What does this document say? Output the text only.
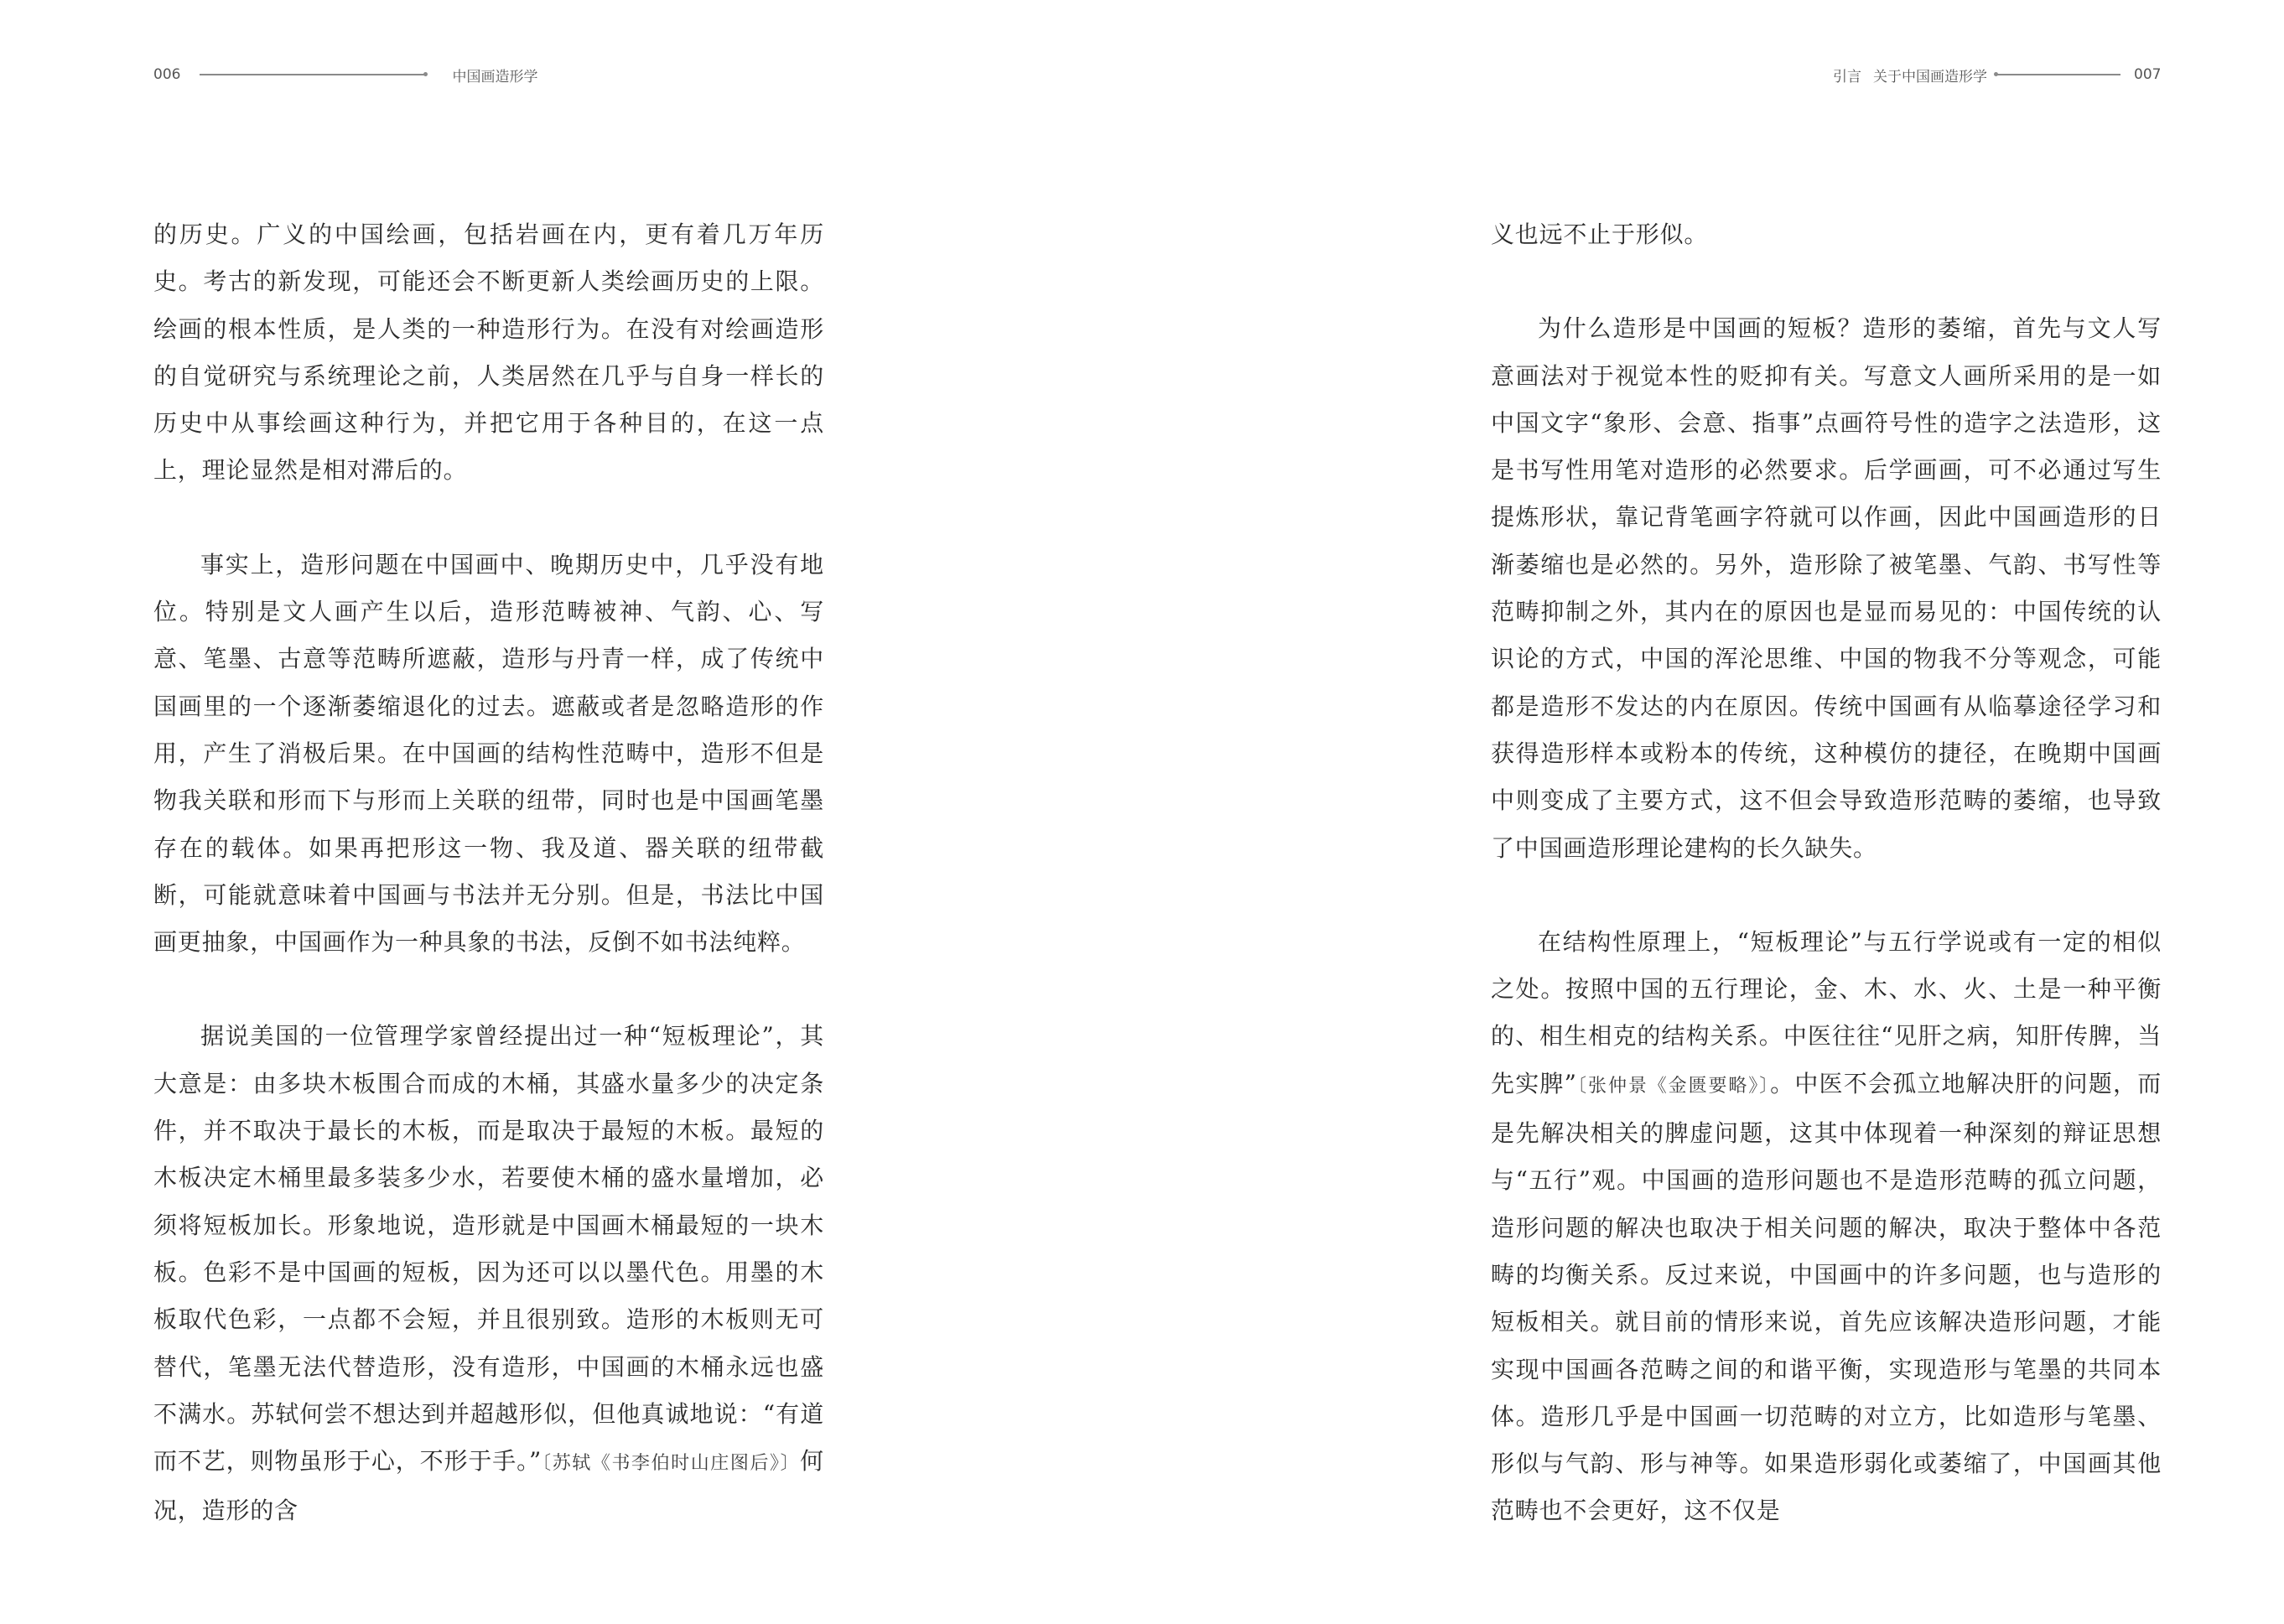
006	中国画造形学

的历史。广义的中国绘画，包括岩画在内，更有着几万年历史。考古的新发现，可能还会不断更新人类绘画历史的上限。绘画的根本性质，是人类的一种造形行为。在没有对绘画造形的自觉研究与系统理论之前，人类居然在几乎与自身一样长的历史中从事绘画这种行为，并把它用于各种目的，在这一点上，理论显然是相对滞后的。

事实上，造形问题在中国画中、晚期历史中，几乎没有地位。特别是文人画产生以后，造形范畴被神、气韵、心、写意、笔墨、古意等范畴所遮蔽，造形与丹青一样，成了传统中国画里的一个逐渐萎缩退化的过去。遮蔽或者是忽略造形的作用，产生了消极后果。在中国画的结构性范畴中，造形不但是物我关联和形而下与形而上关联的纽带，同时也是中国画笔墨存在的载体。如果再把形这一物、我及道、器关联的纽带截断，可能就意味着中国画与书法并无分别。但是，书法比中国画更抽象，中国画作为一种具象的书法，反倒不如书法纯粹。

据说美国的一位管理学家曾经提出过一种“短板理论”，其大意是：由多块木板围合而成的木桶，其盛水量多少的决定条件，并不取决于最长的木板，而是取决于最短的木板。最短的木板决定木桶里最多装多少水，若要使木桶的盛水量增加，必须将短板加长。形象地说，造形就是中国画木桶最短的一块木板。色彩不是中国画的短板，因为还可以以墨代色。用墨的木板取代色彩，一点都不会短，并且很别致。造形的木板则无可替代，笔墨无法代替造形，没有造形，中国画的木桶永远也盛不满水。苏轼何尝不想达到并超越形似，但他真诚地说：“有道而不艺，则物虽形于心，不形于手。”〔苏轼《书李伯时山庄图后》〕何况，造形的含

引言 关于中国画造形学	007

义也远不止于形似。

为什么造形是中国画的短板？造形的萎缩，首先与文人写意画法对于视觉本性的贬抑有关。写意文人画所采用的是一如中国文字“象形、会意、指事”点画符号性的造字之法造形，这是书写性用笔对造形的必然要求。后学画画，可不必通过写生提炼形状，靠记背笔画字符就可以作画，因此中国画造形的日渐萎缩也是必然的。另外，造形除了被笔墨、气韵、书写性等范畴抑制之外，其内在的原因也是显而易见的：中国传统的认识论的方式，中国的浑沦思维、中国的物我不分等观念，可能都是造形不发达的内在原因。传统中国画有从临摹途径学习和获得造形样本或粉本的传统，这种模仿的捷径，在晚期中国画中则变成了主要方式，这不但会导致造形范畴的萎缩，也导致了中国画造形理论建构的长久缺失。

在结构性原理上，“短板理论”与五行学说或有一定的相似之处。按照中国的五行理论，金、木、水、火、土是一种平衡的、相生相克的结构关系。中医往往“见肝之病，知肝传脾，当先实脾”〔张仲景《金匮要略》〕。中医不会孤立地解决肝的问题，而是先解决相关的脾虚问题，这其中体现着一种深刻的辩证思想与“五行”观。中国画的造形问题也不是造形范畴的孤立问题，造形问题的解决也取决于相关问题的解决，取决于整体中各范畴的均衡关系。反过来说，中国画中的许多问题，也与造形的短板相关。就目前的情形来说，首先应该解决造形问题，才能实现中国画各范畴之间的和谐平衡，实现造形与笔墨的共同本体。造形几乎是中国画一切范畴的对立方，比如造形与笔墨、形似与气韵、形与神等。如果造形弱化或萎缩了，中国画其他范畴也不会更好，这不仅是
